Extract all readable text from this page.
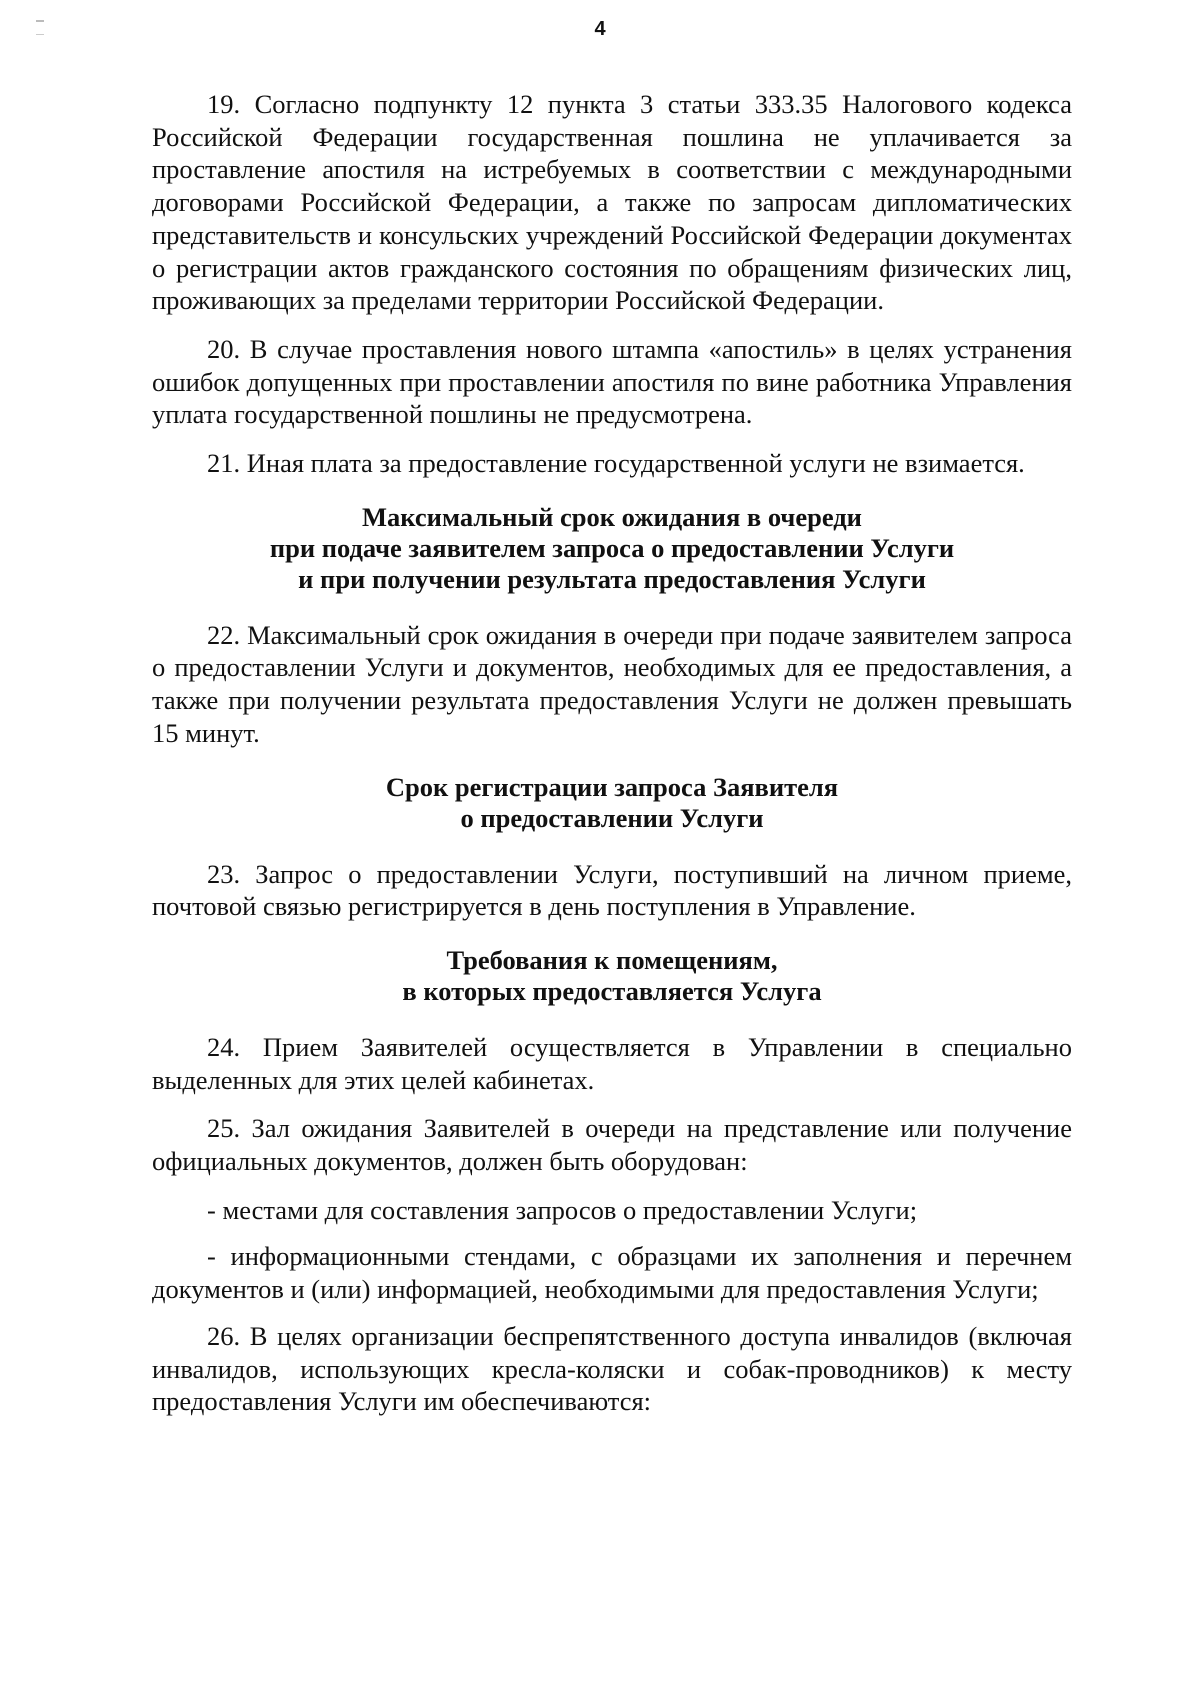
4

19. Согласно подпункту 12 пункта 3 статьи 333.35 Налогового кодекса Российской Федерации государственная пошлина не уплачивается за проставление апостиля на истребуемых в соответствии с международными договорами Российской Федерации, а также по запросам дипломатических представительств и консульских учреждений Российской Федерации документах о регистрации актов гражданского состояния по обращениям физических лиц, проживающих за пределами территории Российской Федерации.

20. В случае проставления нового штампа «апостиль» в целях устранения ошибок допущенных при проставлении апостиля по вине работника Управления уплата государственной пошлины не предусмотрена.

21. Иная плата за предоставление государственной услуги не взимается.

Максимальный срок ожидания в очереди
при подаче заявителем запроса о предоставлении Услуги
и при получении результата предоставления Услуги

22. Максимальный срок ожидания в очереди при подаче заявителем запроса о предоставлении Услуги и документов, необходимых для ее предоставления, а также при получении результата предоставления Услуги не должен превышать 15 минут.

Срок регистрации запроса Заявителя
о предоставлении Услуги

23. Запрос о предоставлении Услуги, поступивший на личном приеме, почтовой связью регистрируется в день поступления в Управление.

Требования к помещениям,
в которых предоставляется Услуга

24. Прием Заявителей осуществляется в Управлении в специально выделенных для этих целей кабинетах.

25. Зал ожидания Заявителей в очереди на представление или получение официальных документов, должен быть оборудован:

- местами для составления запросов о предоставлении Услуги;

- информационными стендами, с образцами их заполнения и перечнем документов и (или) информацией, необходимыми для предоставления Услуги;

26. В целях организации беспрепятственного доступа инвалидов (включая инвалидов, использующих кресла-коляски и собак-проводников) к месту предоставления Услуги им обеспечиваются:
